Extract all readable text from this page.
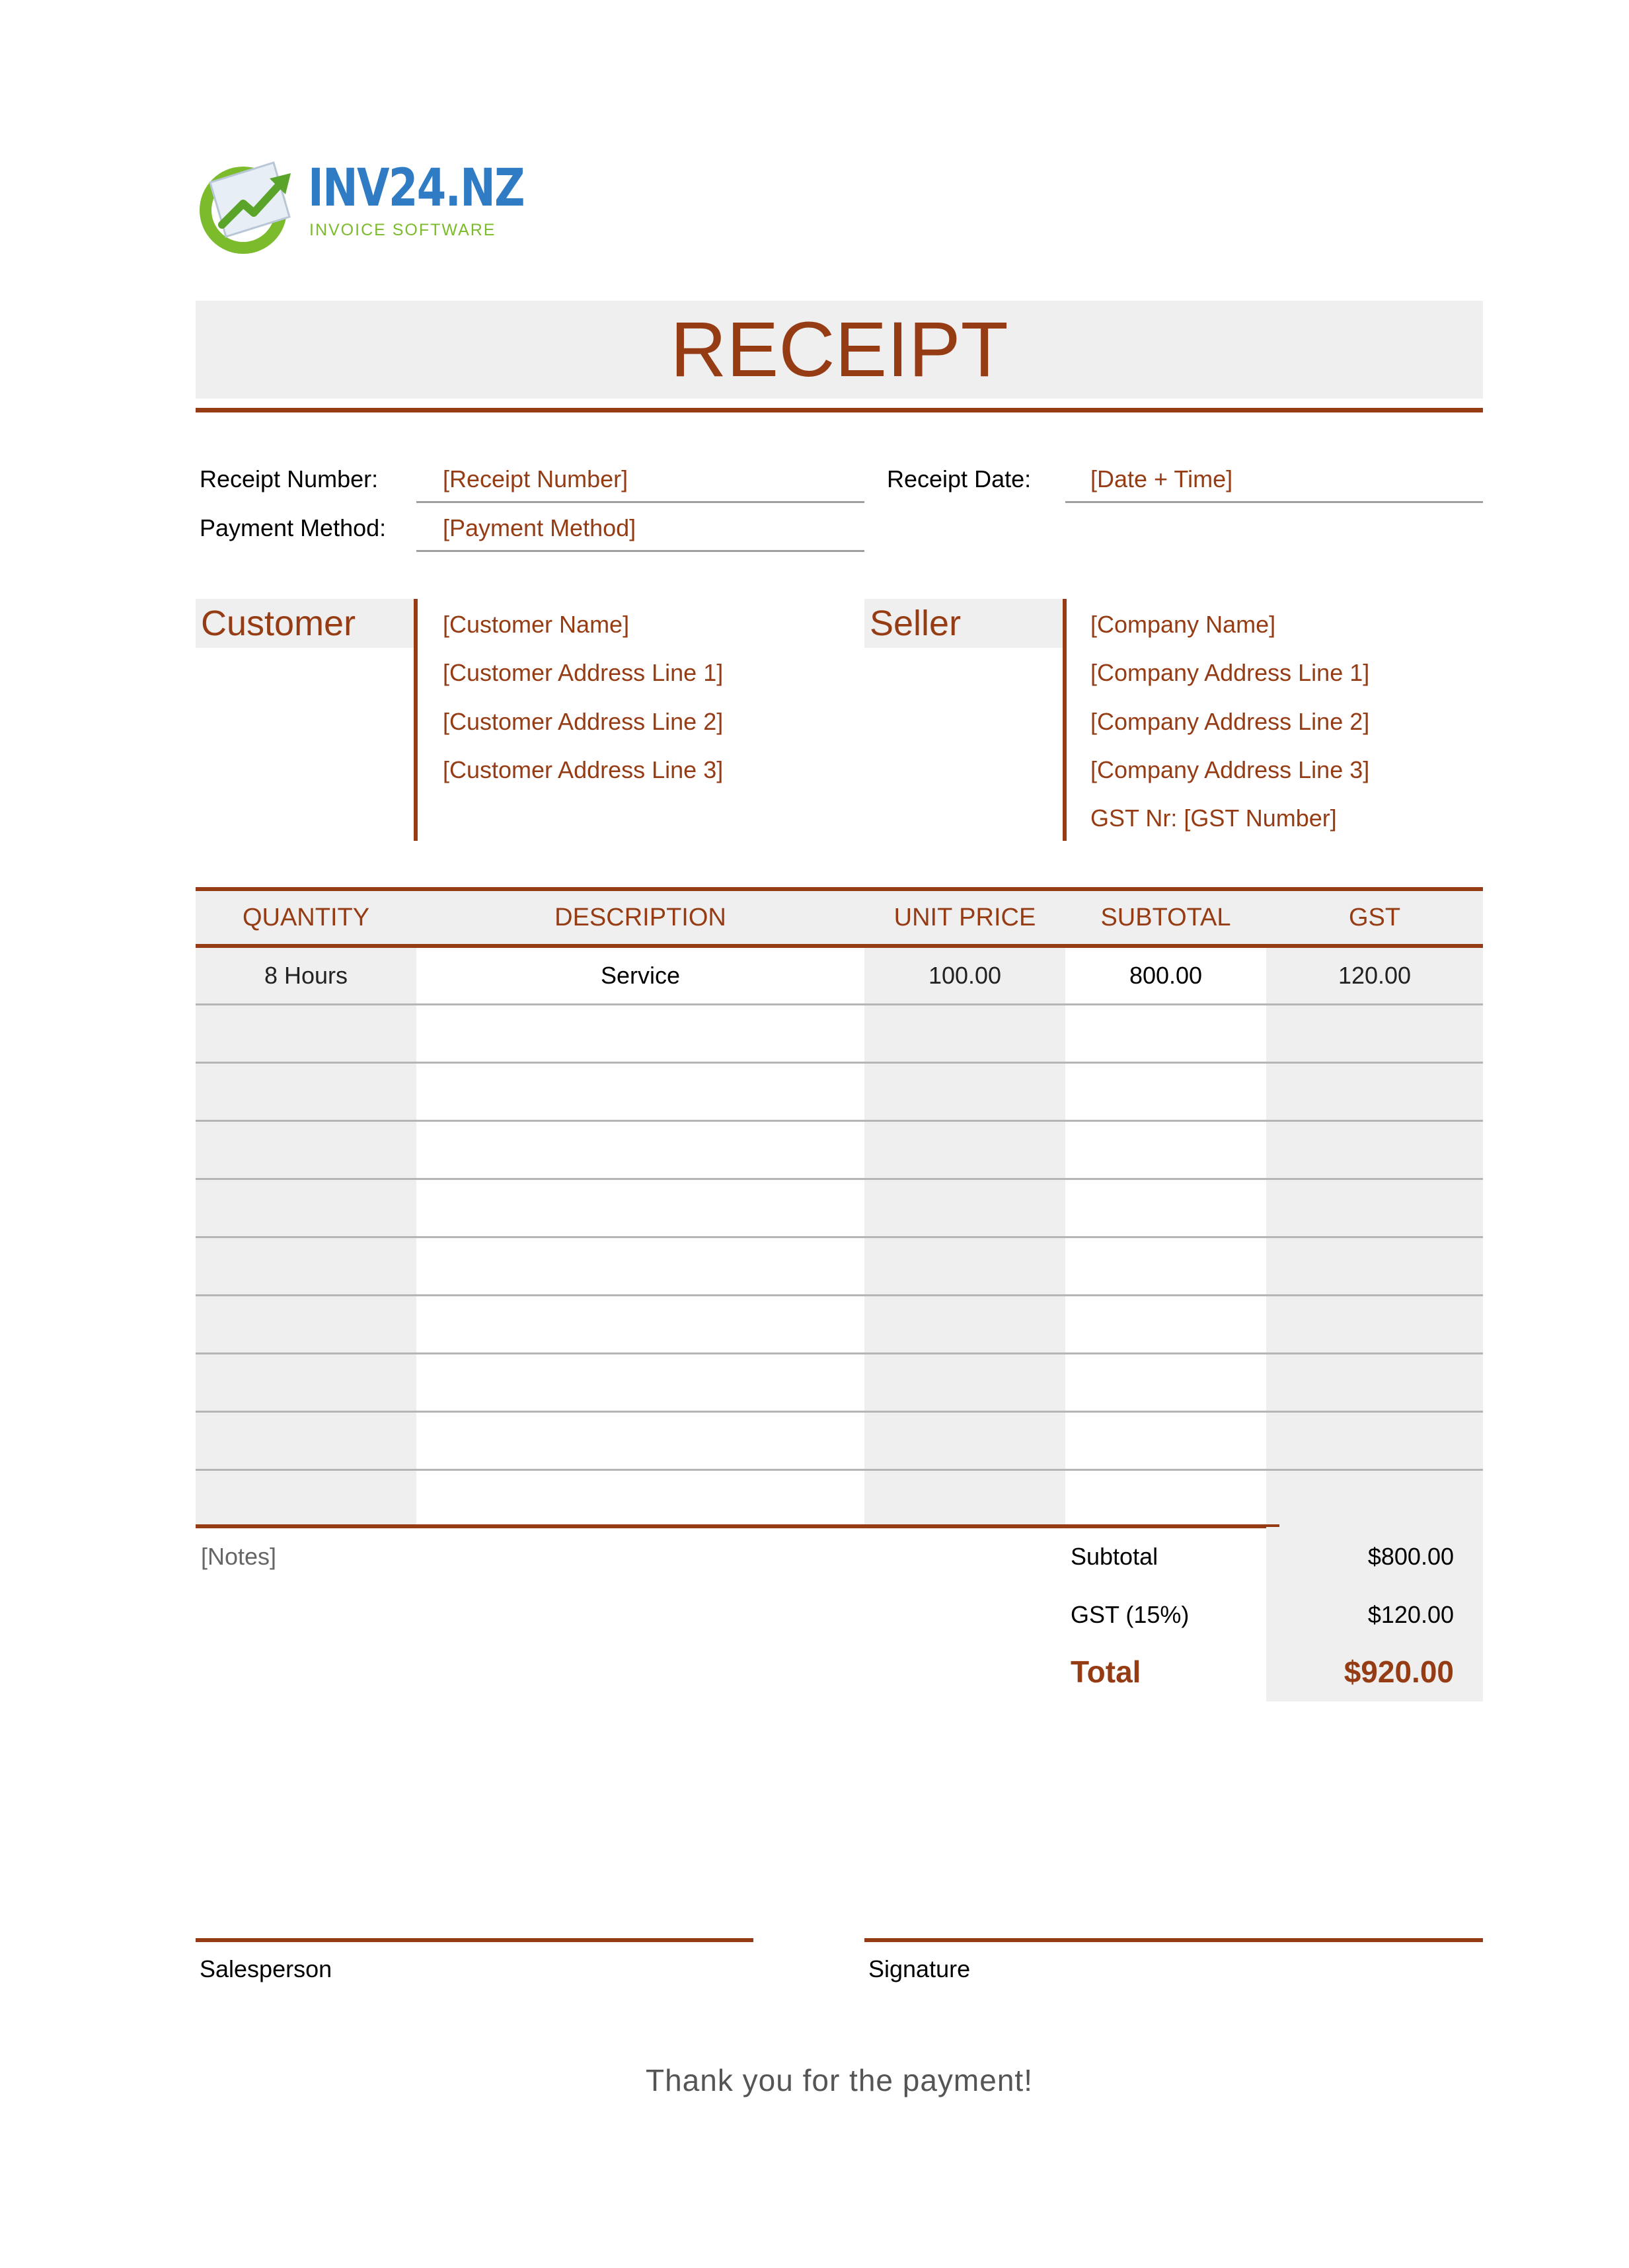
INV24.NZ
INVOICE SOFTWARE
RECEIPT
Receipt Number:	[Receipt Number]	Receipt Date: [Date + Time]
Payment Method: [Payment Method]
Customer	[Customer Name]
[Customer Address Line 1]
[Customer Address Line 2]
[Customer Address Line 3]
Seller	[Company Name]
[Company Address Line 1]
[Company Address Line 2]
[Company Address Line 3]
GST Nr: [GST Number]
QUANTITY	DESCRIPTION	UNIT PRICE	SUBTOTAL	GST
8 Hours	Service	100.00	800.00	120.00
[Notes]	Subtotal	$800.00
GST (15%)	$120.00
Total	$920.00
Salesperson	Signature
Thank you for the payment!
